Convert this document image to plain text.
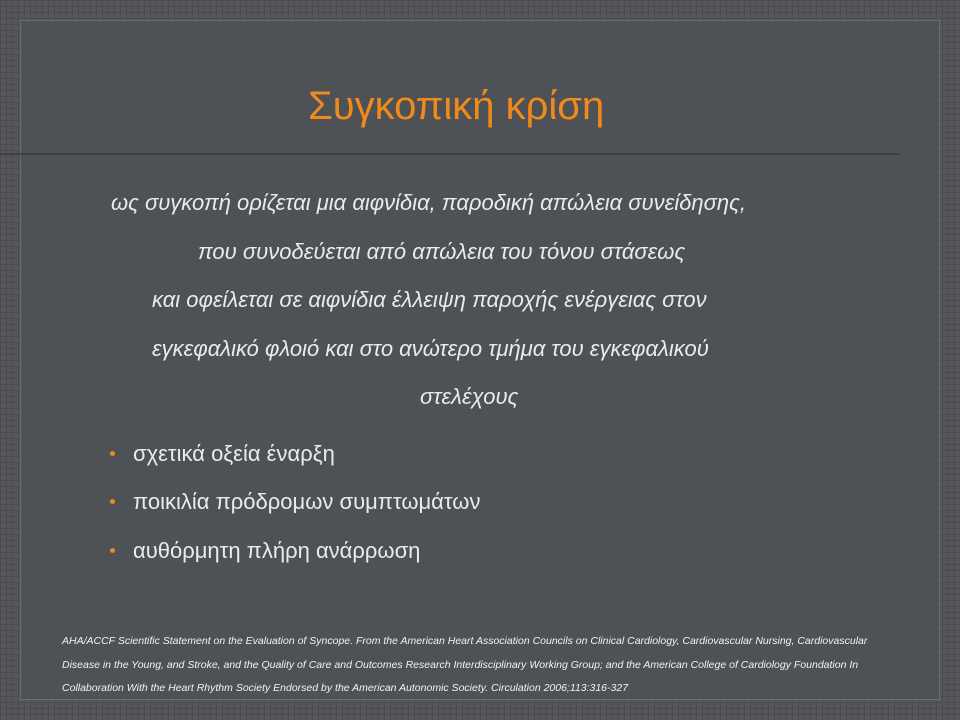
Συγκοπική κρίση
ως συγκοπή ορίζεται μια αιφνίδια, παροδική απώλεια συνείδησης,
που συνοδεύεται από απώλεια του τόνου στάσεως
και οφείλεται σε αιφνίδια έλλειψη παροχής ενέργειας στον
εγκεφαλικό φλοιό και στο ανώτερο τμήμα του εγκεφαλικού
στελέχους
σχετικά οξεία έναρξη
ποικιλία πρόδρομων συμπτωμάτων
αυθόρμητη πλήρη ανάρρωση
AHA/ACCF Scientific Statement on the Evaluation of Syncope. From the American Heart Association Councils on Clinical Cardiology, Cardiovascular Nursing, Cardiovascular
Disease in the Young, and Stroke, and the Quality of Care and Outcomes Research Interdisciplinary Working Group; and the American College of Cardiology Foundation In
Collaboration With the Heart Rhythm Society Endorsed by the American Autonomic Society. Circulation 2006;113:316-327
